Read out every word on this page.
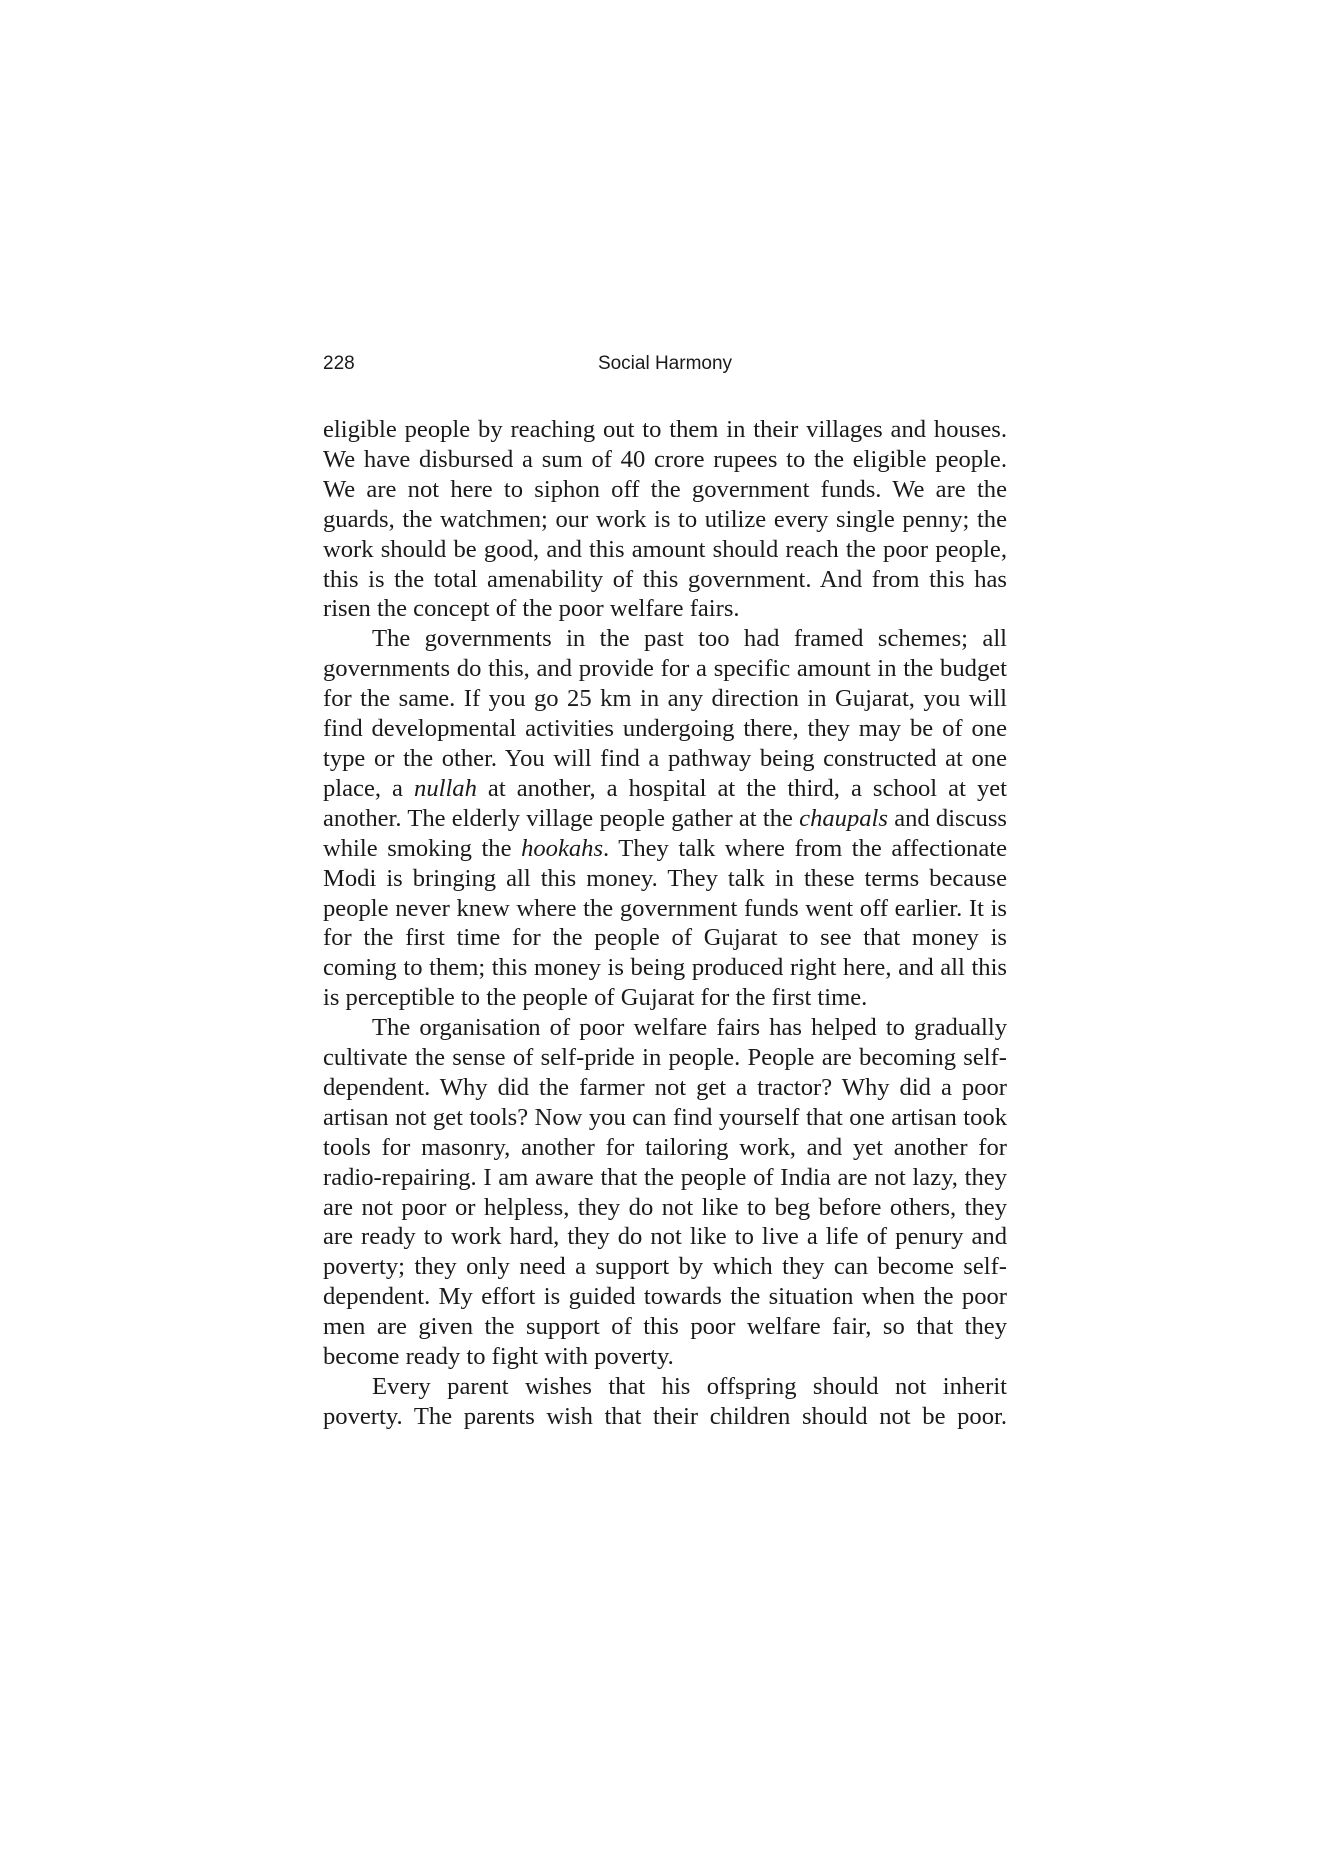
228	Social Harmony

eligible people by reaching out to them in their villages and houses. We have disbursed a sum of 40 crore rupees to the eligible people. We are not here to siphon off the government funds. We are the guards, the watchmen; our work is to utilize every single penny; the work should be good, and this amount should reach the poor people, this is the total amenability of this government. And from this has risen the concept of the poor welfare fairs.

The governments in the past too had framed schemes; all governments do this, and provide for a specific amount in the budget for the same. If you go 25 km in any direction in Gujarat, you will find developmental activities undergoing there, they may be of one type or the other. You will find a pathway being constructed at one place, a nullah at another, a hospital at the third, a school at yet another. The elderly village people gather at the chaupals and discuss while smoking the hookahs. They talk where from the affectionate Modi is bringing all this money. They talk in these terms because people never knew where the government funds went off earlier. It is for the first time for the people of Gujarat to see that money is coming to them; this money is being produced right here, and all this is perceptible to the people of Gujarat for the first time.

The organisation of poor welfare fairs has helped to gradually cultivate the sense of self-pride in people. People are becoming self-dependent. Why did the farmer not get a tractor? Why did a poor artisan not get tools? Now you can find yourself that one artisan took tools for masonry, another for tailoring work, and yet another for radio-repairing. I am aware that the people of India are not lazy, they are not poor or helpless, they do not like to beg before others, they are ready to work hard, they do not like to live a life of penury and poverty; they only need a support by which they can become self-dependent. My effort is guided towards the situation when the poor men are given the support of this poor welfare fair, so that they become ready to fight with poverty.

Every parent wishes that his offspring should not inherit poverty. The parents wish that their children should not be poor.
